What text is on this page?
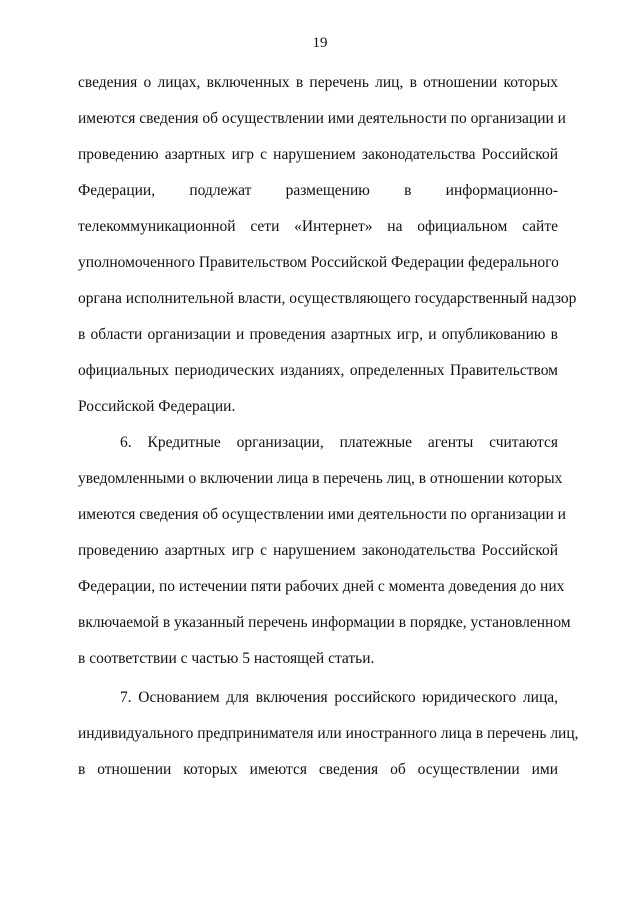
19
сведения о лицах, включенных в перечень лиц, в отношении которых
имеются сведения об осуществлении ими деятельности по организации и
проведению азартных игр с нарушением законодательства Российской
Федерации, подлежат размещению в информационно-
телекоммуникационной сети «Интернет» на официальном сайте
уполномоченного Правительством Российской Федерации федерального
органа исполнительной власти, осуществляющего государственный надзор
в области организации и проведения азартных игр, и опубликованию в
официальных периодических изданиях, определенных Правительством
Российской Федерации.
6. Кредитные организации, платежные агенты считаются
уведомленными о включении лица в перечень лиц, в отношении которых
имеются сведения об осуществлении ими деятельности по организации и
проведению азартных игр с нарушением законодательства Российской
Федерации, по истечении пяти рабочих дней с момента доведения до них
включаемой в указанный перечень информации в порядке, установленном
в соответствии с частью 5 настоящей статьи.
7. Основанием для включения российского юридического лица,
индивидуального предпринимателя или иностранного лица в перечень лиц,
в отношении которых имеются сведения об осуществлении ими
